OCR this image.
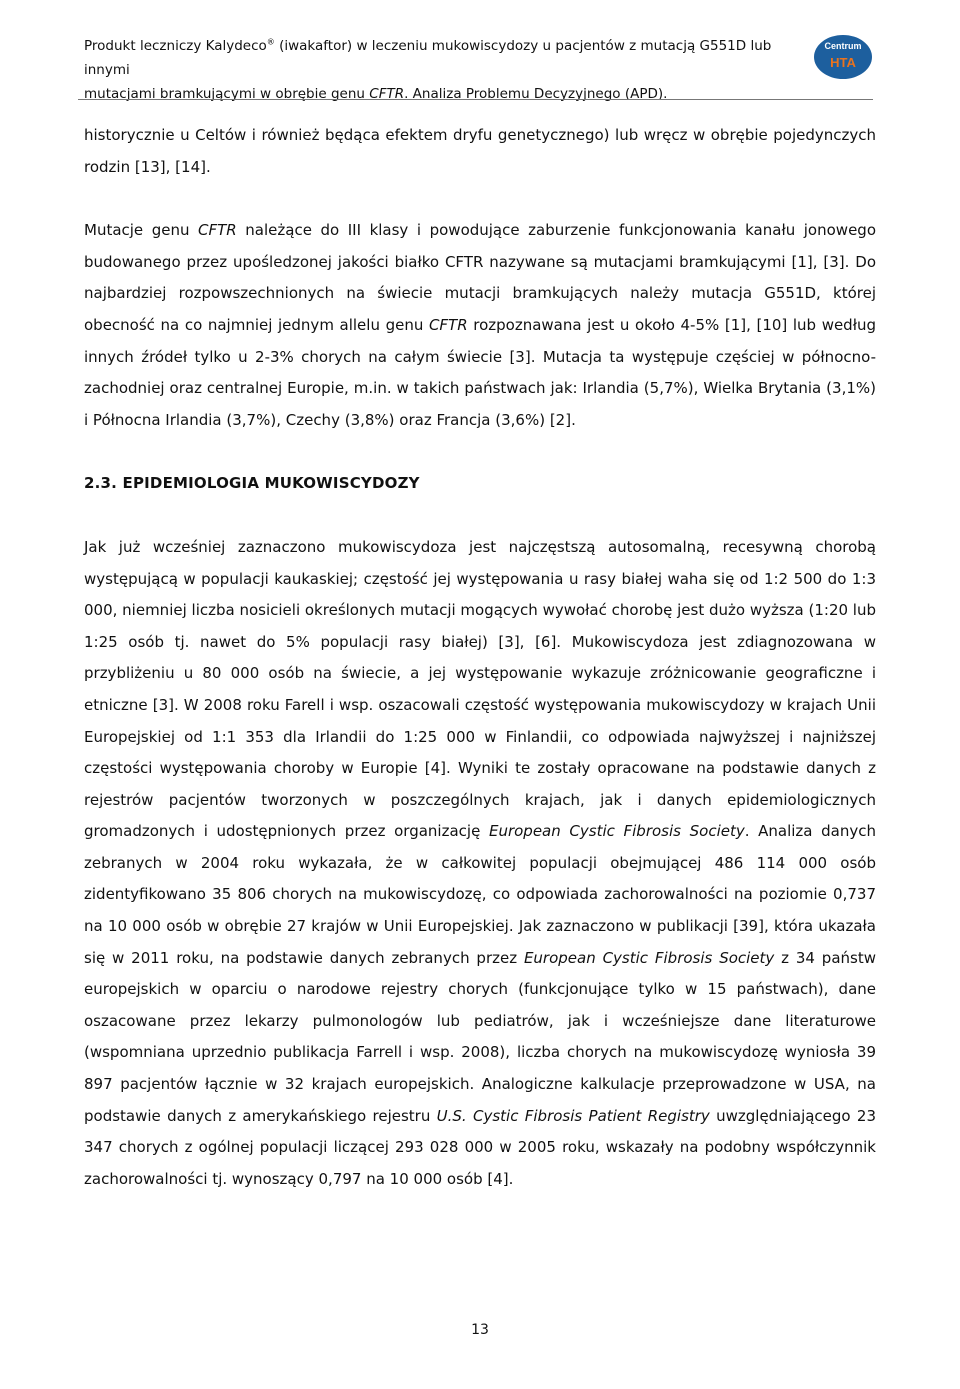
Produkt leczniczy Kalydeco® (iwakaftor) w leczeniu mukowiscydozy u pacjentów z mutacją G551D lub innymi
mutacjami bramkującymi w obrębie genu CFTR. Analiza Problemu Decyzyjnego (APD).
Centrum
HTA

historycznie u Celtów i również będąca efektem dryfu genetycznego) lub wręcz w obrębie pojedynczych rodzin [13], [14].

Mutacje genu CFTR należące do III klasy i powodujące zaburzenie funkcjonowania kanału jonowego budowanego przez upośledzonej jakości białko CFTR nazywane są mutacjami bramkującymi [1], [3]. Do najbardziej rozpowszechnionych na świecie mutacji bramkujących należy mutacja G551D, której obecność na co najmniej jednym allelu genu CFTR rozpoznawana jest u około 4-5% [1], [10] lub według innych źródeł tylko u 2-3% chorych na całym świecie [3]. Mutacja ta występuje częściej w północno-zachodniej oraz centralnej Europie, m.in. w takich państwach jak: Irlandia (5,7%), Wielka Brytania (3,1%) i Północna Irlandia (3,7%), Czechy (3,8%) oraz Francja (3,6%) [2].

2.3. EPIDEMIOLOGIA MUKOWISCYDOZY

Jak już wcześniej zaznaczono mukowiscydoza jest najczęstszą autosomalną, recesywną chorobą występującą w populacji kaukaskiej; częstość jej występowania u rasy białej waha się od 1:2 500 do 1:3 000, niemniej liczba nosicieli określonych mutacji mogących wywołać chorobę jest dużo wyższa (1:20 lub 1:25 osób tj. nawet do 5% populacji rasy białej) [3], [6]. Mukowiscydoza jest zdiagnozowana w przybliżeniu u 80 000 osób na świecie, a jej występowanie wykazuje zróżnicowanie geograficzne i etniczne [3]. W 2008 roku Farell i wsp. oszacowali częstość występowania mukowiscydozy w krajach Unii Europejskiej od 1:1 353 dla Irlandii do 1:25 000 w Finlandii, co odpowiada najwyższej i najniższej częstości występowania choroby w Europie [4]. Wyniki te zostały opracowane na podstawie danych z rejestrów pacjentów tworzonych w poszczególnych krajach, jak i danych epidemiologicznych gromadzonych i udostępnionych przez organizację European Cystic Fibrosis Society. Analiza danych zebranych w 2004 roku wykazała, że w całkowitej populacji obejmującej 486 114 000 osób zidentyfikowano 35 806 chorych na mukowiscydozę, co odpowiada zachorowalności na poziomie 0,737 na 10 000 osób w obrębie 27 krajów w Unii Europejskiej. Jak zaznaczono w publikacji [39], która ukazała się w 2011 roku, na podstawie danych zebranych przez European Cystic Fibrosis Society z 34 państw europejskich w oparciu o narodowe rejestry chorych (funkcjonujące tylko w 15 państwach), dane oszacowane przez lekarzy pulmonologów lub pediatrów, jak i wcześniejsze dane literaturowe (wspomniana uprzednio publikacja Farrell i wsp. 2008), liczba chorych na mukowiscydozę wyniosła 39 897 pacjentów łącznie w 32 krajach europejskich. Analogiczne kalkulacje przeprowadzone w USA, na podstawie danych z amerykańskiego rejestru U.S. Cystic Fibrosis Patient Registry uwzględniającego 23 347 chorych z ogólnej populacji liczącej 293 028 000 w 2005 roku, wskazały na podobny współczynnik zachorowalności tj. wynoszący 0,797 na 10 000 osób [4].

13
